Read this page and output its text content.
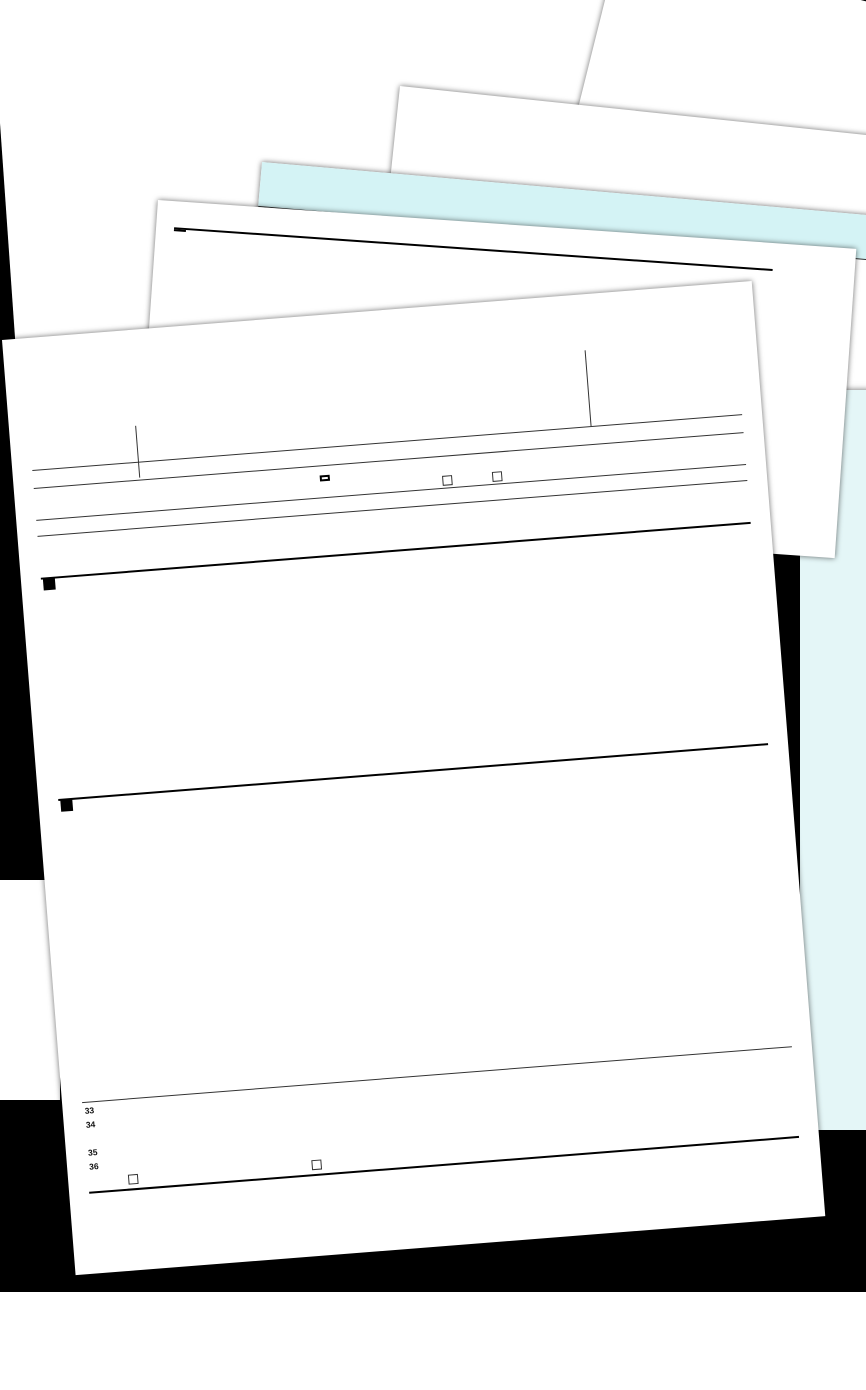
33
34
35
36
